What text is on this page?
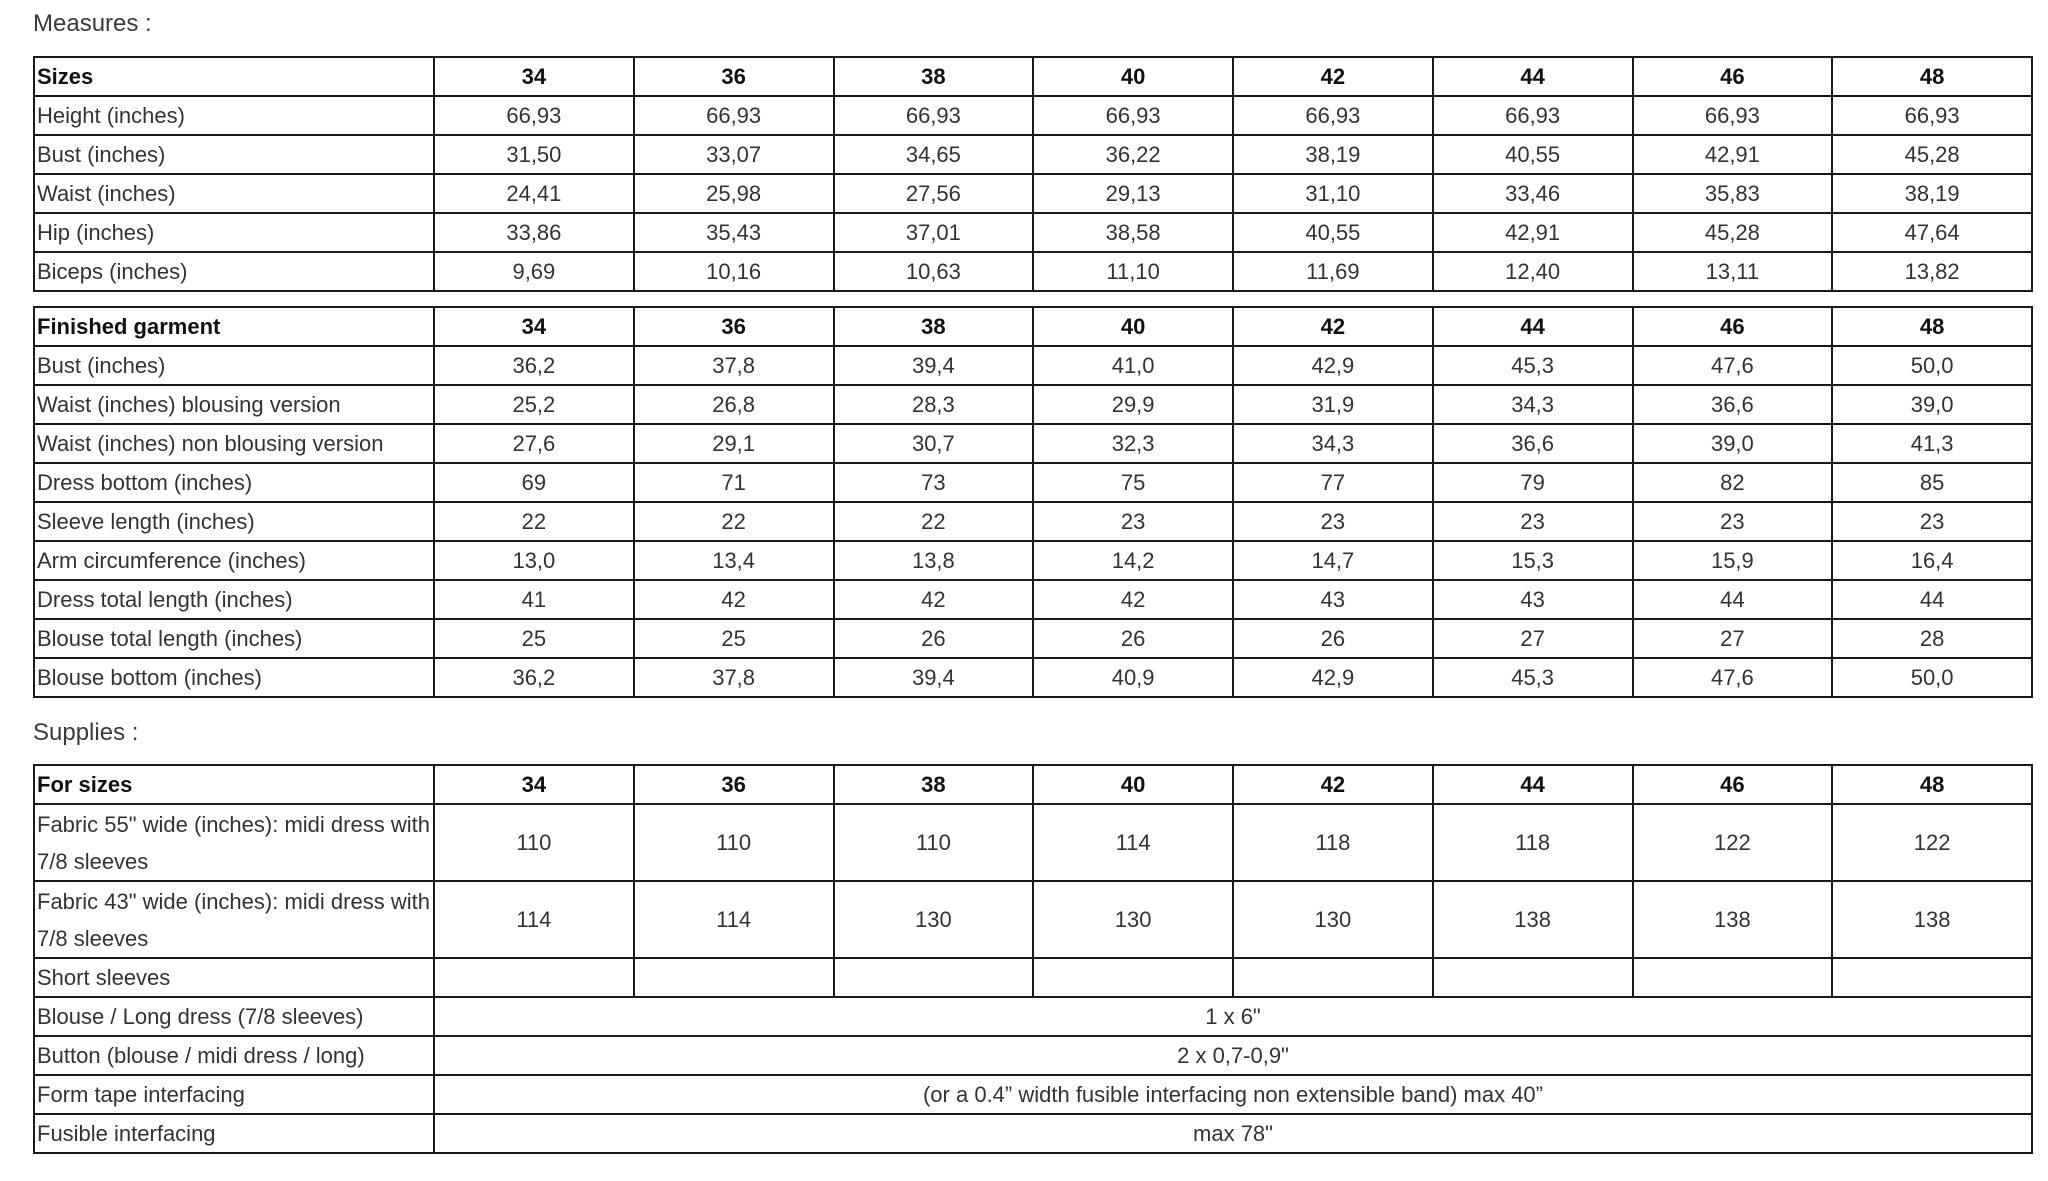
Measures :
Sizes	34	36	38	40	42	44	46	48
Height (inches)	66,93	66,93	66,93	66,93	66,93	66,93	66,93	66,93
Bust (inches)	31,50	33,07	34,65	36,22	38,19	40,55	42,91	45,28
Waist (inches)	24,41	25,98	27,56	29,13	31,10	33,46	35,83	38,19
Hip (inches)	33,86	35,43	37,01	38,58	40,55	42,91	45,28	47,64
Biceps (inches)	9,69	10,16	10,63	11,10	11,69	12,40	13,11	13,82
Finished garment	34	36	38	40	42	44	46	48
Bust (inches)	36,2	37,8	39,4	41,0	42,9	45,3	47,6	50,0
Waist (inches) blousing version	25,2	26,8	28,3	29,9	31,9	34,3	36,6	39,0
Waist (inches) non blousing version	27,6	29,1	30,7	32,3	34,3	36,6	39,0	41,3
Dress bottom (inches)	69	71	73	75	77	79	82	85
Sleeve length (inches)	22	22	22	23	23	23	23	23
Arm circumference (inches)	13,0	13,4	13,8	14,2	14,7	15,3	15,9	16,4
Dress total length (inches)	41	42	42	42	43	43	44	44
Blouse total length (inches)	25	25	26	26	26	27	27	28
Blouse bottom (inches)	36,2	37,8	39,4	40,9	42,9	45,3	47,6	50,0
Supplies :
For sizes	34	36	38	40	42	44	46	48
Fabric 55" wide (inches): midi dress with 7/8 sleeves	110	110	110	114	118	118	122	122
Fabric 43" wide (inches): midi dress with 7/8 sleeves	114	114	130	130	130	138	138	138
Short sleeves								
Blouse / Long dress (7/8 sleeves)	1 x 6"							
Button (blouse / midi dress / long)	2 x 0,7-0,9"							
Form tape interfacing	(or a 0.4” width fusible interfacing non extensible band) max 40”							
Fusible interfacing	max 78"							
